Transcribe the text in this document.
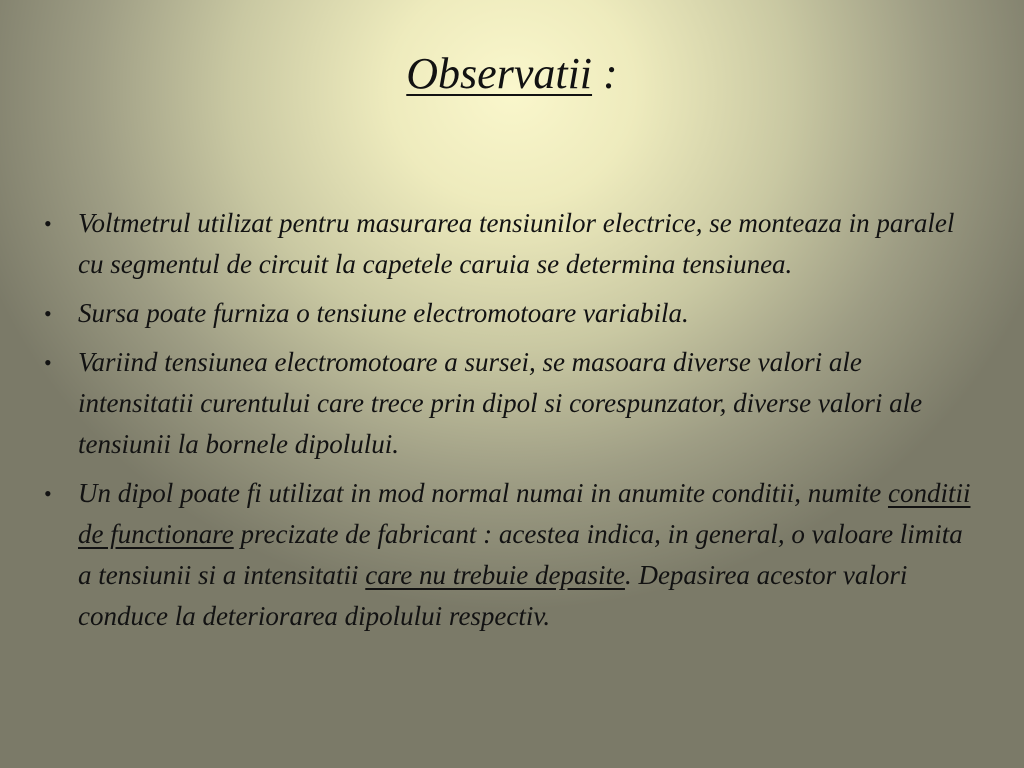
Observatii :
• Voltmetrul utilizat pentru masurarea tensiunilor electrice, se monteaza in paralel cu segmentul de circuit la capetele caruia se determina tensiunea.
• Sursa poate furniza o tensiune electromotoare variabila.
• Variind tensiunea electromotoare a sursei, se masoara diverse valori ale intensitatii curentului care trece prin dipol si corespunzator, diverse valori ale tensiunii la bornele dipolului.
• Un dipol poate fi utilizat in mod normal numai in anumite conditii, numite conditii de functionare precizate de fabricant : acestea indica, in general, o valoare limita a tensiunii si a intensitatii care nu trebuie depasite. Depasirea acestor valori conduce la deteriorarea dipolului respectiv.
